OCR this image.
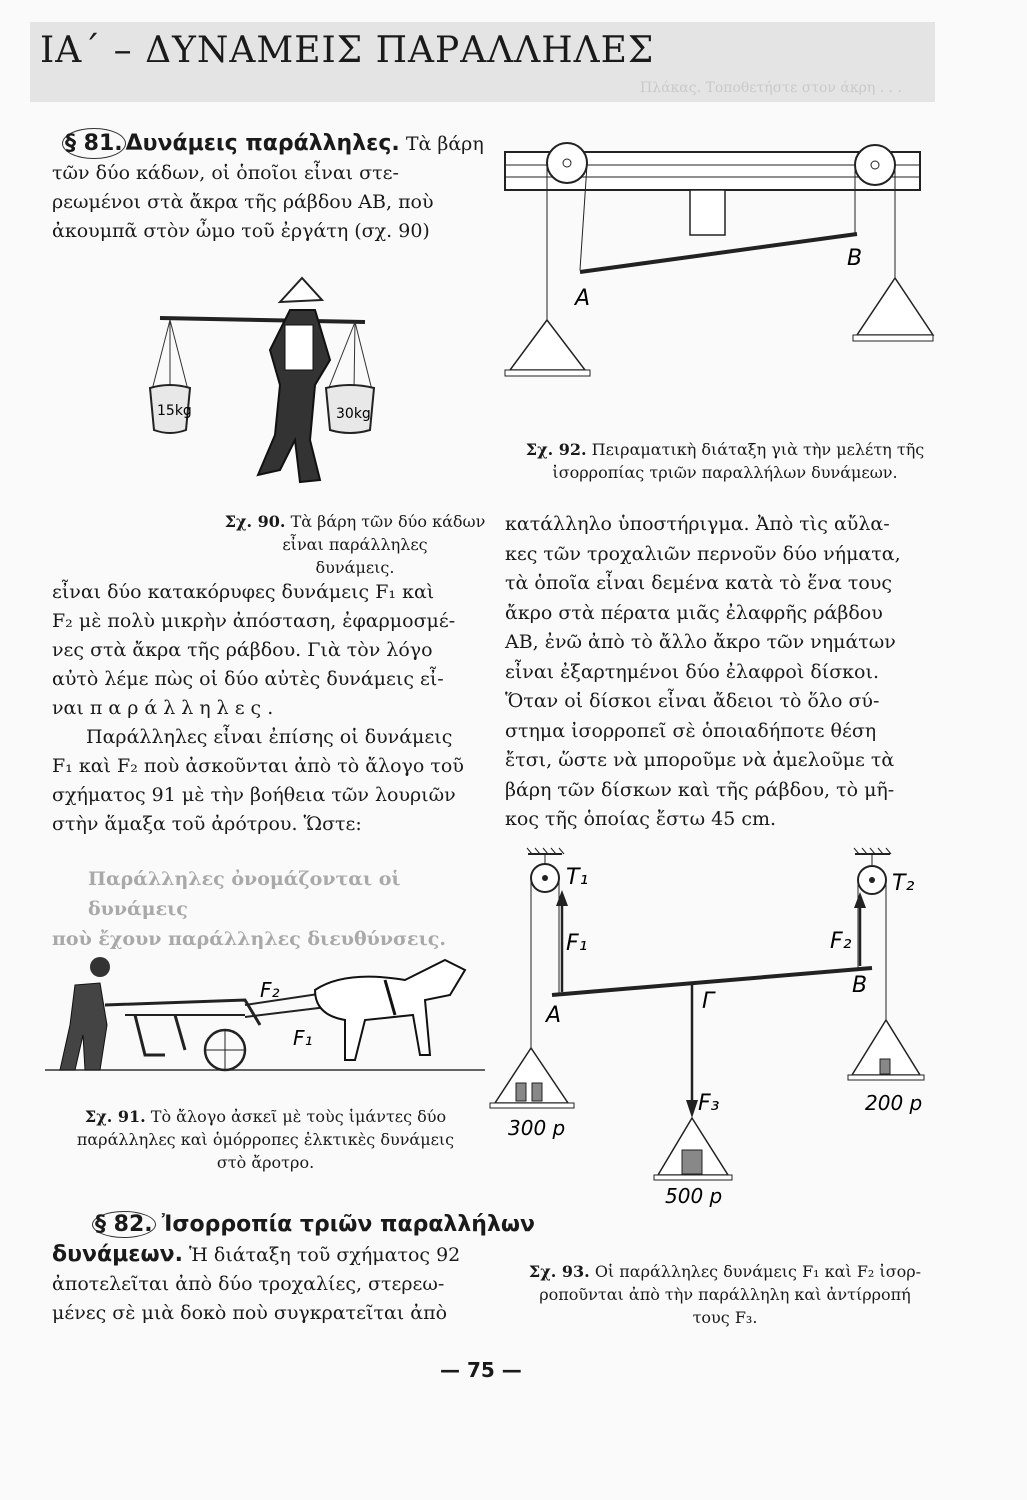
ΙΑ΄ – ΔΥΝΑΜΕΙΣ ΠΑΡΑΛΛΗΛΕΣ
Πλάκας. Τοποθετήστε στον άκρη . . .

§ 81. Δυνάμεις παράλληλες. Τὰ βάρη
τῶν δύο κάδων, οἱ ὁποῖοι εἶναι στε-
ρεωμένοι στὰ ἄκρα τῆς ράβδου ΑΒ, ποὺ
ἀκουμπᾶ στὸν ὦμο τοῦ ἐργάτη (σχ. 90)

15kg	30kg
Σχ. 90. Τὰ βάρη τῶν δύο κάδων εἶναι παράλληλες
δυνάμεις.

εἶναι δύο κατακόρυφες δυνάμεις F₁ καὶ
F₂ μὲ πολὺ μικρὴν ἀπόσταση, ἐφαρμοσμέ-
νες στὰ ἄκρα τῆς ράβδου. Γιὰ τὸν λόγο
αὐτὸ λέμε πὼς οἱ δύο αὐτὲς δυνάμεις εἶ-
ναι παράλληλες.
Παράλληλες εἶναι ἐπίσης οἱ δυνάμεις
F₁ καὶ F₂ ποὺ ἀσκοῦνται ἀπὸ τὸ ἄλογο τοῦ
σχήματος 91 μὲ τὴν βοήθεια τῶν λουριῶν
στὴν ἅμαξα τοῦ ἀρότρου. Ὥστε:

Παράλληλες ὀνομάζονται οἱ δυνάμεις
ποὺ ἔχουν παράλληλες διευθύνσεις.
F₂
F₁
Σχ. 91. Τὸ ἄλογο ἀσκεῖ μὲ τοὺς ἱμάντες δύο
παράλληλες καὶ ὁμόρροπες ἑλκτικὲς δυνάμεις
στὸ ἄροτρο.

§ 82. Ἰσορροπία τριῶν παραλλήλων
δυνάμεων. Ἡ διάταξη τοῦ σχήματος 92
ἀποτελεῖται ἀπὸ δύο τροχαλίες, στερεω-
μένες σὲ μιὰ δοκὸ ποὺ συγκρατεῖται ἀπὸ

A
B
Σχ. 92. Πειραματικὴ διάταξη γιὰ τὴν μελέτη τῆς
ἰσορροπίας τριῶν παραλλήλων δυνάμεων.

κατάλληλο ὑποστήριγμα. Ἀπὸ τὶς αὔλα-
κες τῶν τροχαλιῶν περνοῦν δύο νήματα,
τὰ ὁποῖα εἶναι δεμένα κατὰ τὸ ἕνα τους
ἄκρο στὰ πέρατα μιᾶς ἐλαφρῆς ράβδου
ΑΒ, ἐνῶ ἀπὸ τὸ ἄλλο ἄκρο τῶν νημάτων
εἶναι ἐξαρτημένοι δύο ἐλαφροὶ δίσκοι.
Ὅταν οἱ δίσκοι εἶναι ἄδειοι τὸ ὅλο σύ-
στημα ἰσορροπεῖ σὲ ὁποιαδήποτε θέση
ἔτσι, ὥστε νὰ μποροῦμε νὰ ἀμελοῦμε τὰ
βάρη τῶν δίσκων καὶ τῆς ράβδου, τὸ μῆ-
κος τῆς ὁποίας ἔστω 45 cm.

T₁	T₂
F₁	F₂
F₃
A
Γ
B
300 p
200 p
500 p
Σχ. 93. Οἱ παράλληλες δυνάμεις F₁ καὶ F₂ ἰσορ-
ροποῦνται ἀπὸ τὴν παράλληλη καὶ ἀντίρροπή
τους F₃.
— 75 —
